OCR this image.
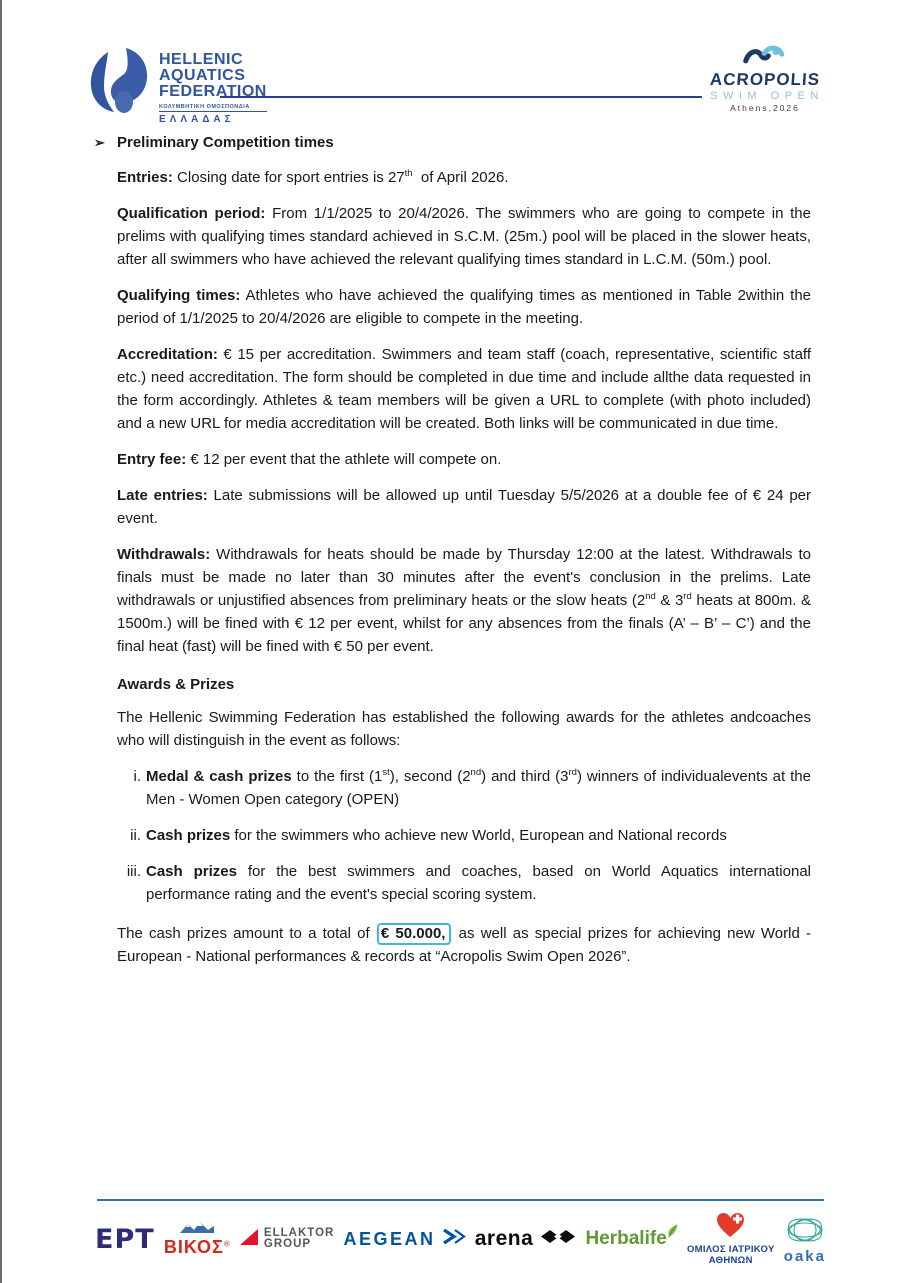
HELLENIC
AQUATICS
FEDERATION
ΚΟΛΥΜΒΗΤΙΚΗ ΟΜΟΣΠΟΝΔΙΑ
ΕΛΛΑΔΑΣ
ACROPOLIS
SWIM OPEN
Athens,2026
➢ Preliminary Competition times

Entries: Closing date for sport entries is 27th  of April 2026.

Qualification period: From 1/1/2025 to 20/4/2026. The swimmers who are going to compete in the prelims with qualifying times standard achieved in S.C.M. (25m.) pool will be placed in the slower heats, after all swimmers who have achieved the relevant qualifying times standard in L.C.M. (50m.) pool.

Qualifying times: Athletes who have achieved the qualifying times as mentioned in Table 2within the period of 1/1/2025 to 20/4/2026 are eligible to compete in the meeting.

Accreditation: € 15 per accreditation. Swimmers and team staff (coach, representative, scientific staff etc.) need accreditation. The form should be completed in due time and include allthe data requested in the form accordingly. Athletes & team members will be given a URL to complete (with photo included) and a new URL for media accreditation will be created. Both links will be communicated in due time.

Entry fee: € 12 per event that the athlete will compete on.

Late entries: Late submissions will be allowed up until Tuesday 5/5/2026 at a double fee of € 24 per event.

Withdrawals: Withdrawals for heats should be made by Thursday 12:00 at the latest. Withdrawals to finals must be made no later than 30 minutes after the event's conclusion in the prelims. Late withdrawals or unjustified absences from preliminary heats or the slow heats (2nd & 3rd heats at 800m. & 1500m.) will be fined with € 12 per event, whilst for any absences from the finals (A’ – B’ – C’) and the final heat (fast) will be fined with € 50 per event.

Awards & Prizes

The Hellenic Swimming Federation has established the following awards for the athletes andcoaches who will distinguish in the event as follows:

i. Medal & cash prizes to the first (1st), second (2nd) and third (3rd) winners of individualevents at the Men - Women Open category (OPEN)
ii. Cash prizes for the swimmers who achieve new World, European and National records
iii. Cash prizes for the best swimmers and coaches, based on World Aquatics international performance rating and the event's special scoring system.

The cash prizes amount to a total of € 50.000, as well as special prizes for achieving new World - European - National performances & records at “Acropolis Swim Open 2026”.

ΕΡΤ ΒΙΚΟΣ®
ELLAKTOR
GROUP	AEGEAN arena	Herbalife
ΟΜΙΛΟΣ ΙΑΤΡΙΚΟΥ
ΑΘΗΝΩΝ oaka
